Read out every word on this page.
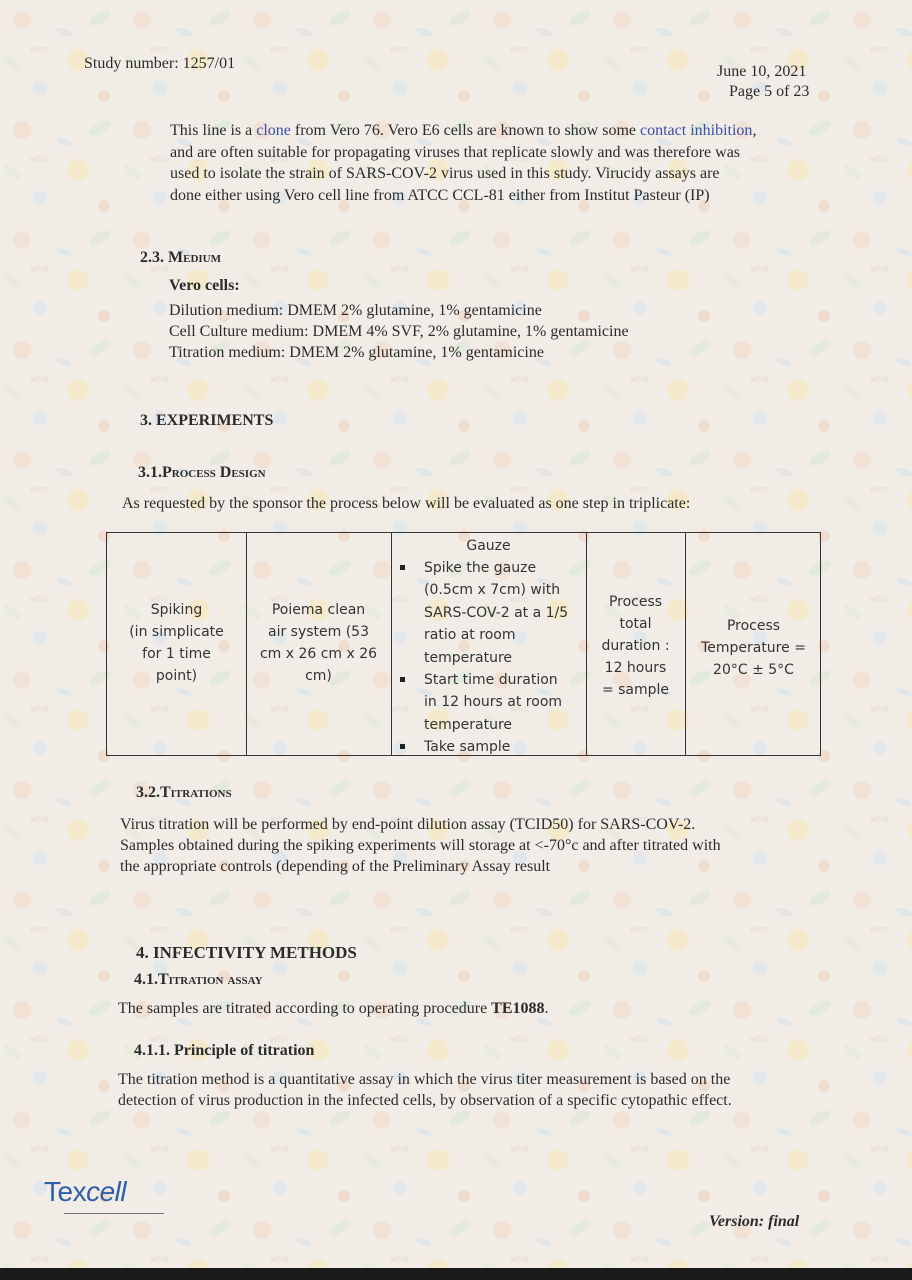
Study number: 1257/01	June 10, 2021
Page 5 of 23
This line is a clone from Vero 76. Vero E6 cells are known to show some contact inhibition,
and are often suitable for propagating viruses that replicate slowly and was therefore was
used to isolate the strain of SARS-COV-2 virus used in this study. Virucidy assays are
done either using Vero cell line from ATCC CCL-81 either from Institut Pasteur (IP)
2.3. Medium
Vero cells:
Dilution medium: DMEM 2% glutamine, 1% gentamicine
Cell Culture medium: DMEM 4% SVF, 2% glutamine, 1% gentamicine
Titration medium: DMEM 2% glutamine, 1% gentamicine
3. EXPERIMENTS
3.1.Process Design
As requested by the sponsor the process below will be evaluated as one step in triplicate:
Spiking
(in simplicate
for 1 time
point)
Poiema clean
air system (53
cm x 26 cm x 26
cm)
Gauze
Spike the gauze
(0.5cm x 7cm) with
SARS-COV-2 at a 1/5
ratio at room
temperature
Start time duration
in 12 hours at room
temperature
Take sample
Process
total
duration :
12 hours
= sample
Process
Temperature =
20°C ± 5°C
3.2.Titrations
Virus titration will be performed by end-point dilution assay (TCID50) for SARS-COV-2.
Samples obtained during the spiking experiments will storage at <-70°c and after titrated with
the appropriate controls (depending of the Preliminary Assay result
4. INFECTIVITY METHODS
4.1.Titration assay
The samples are titrated according to operating procedure TE1088.
4.1.1. Principle of titration
The titration method is a quantitative assay in which the virus titer measurement is based on the
detection of virus production in the infected cells, by observation of a specific cytopathic effect.
Texcell
Version: final
